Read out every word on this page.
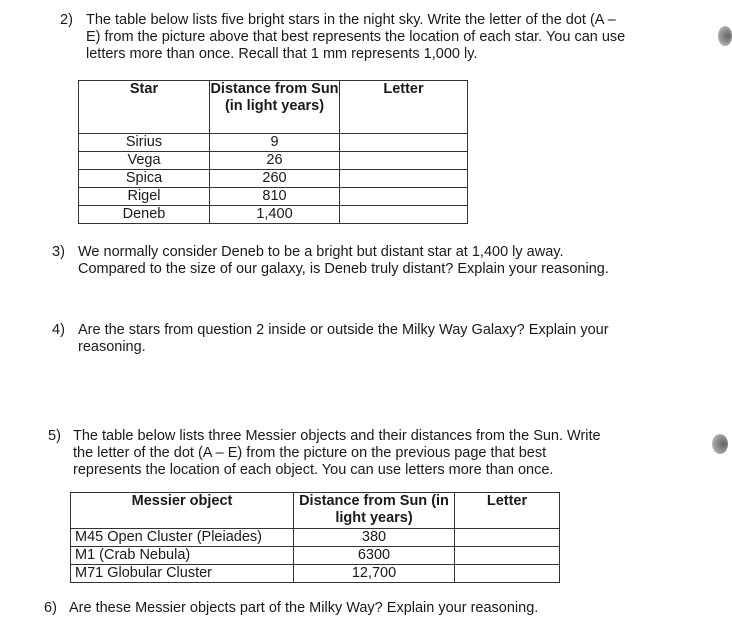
2) The table below lists five bright stars in the night sky. Write the letter of the dot (A –
E) from the picture above that best represents the location of each star. You can use
letters more than once. Recall that 1 mm represents 1,000 ly.
Star	Distance from Sun (in light years)	Letter
Sirius	9	
Vega	26	
Spica	260	
Rigel	810	
Deneb	1,400	
3) We normally consider Deneb to be a bright but distant star at 1,400 ly away.
Compared to the size of our galaxy, is Deneb truly distant? Explain your reasoning.
4) Are the stars from question 2 inside or outside the Milky Way Galaxy? Explain your
reasoning.
5) The table below lists three Messier objects and their distances from the Sun. Write
the letter of the dot (A – E) from the picture on the previous page that best
represents the location of each object. You can use letters more than once.
Messier object	Distance from Sun (in light years)	Letter
M45 Open Cluster (Pleiades)	380	
M1 (Crab Nebula)	6300	
M71 Globular Cluster	12,700	
6) Are these Messier objects part of the Milky Way? Explain your reasoning.
